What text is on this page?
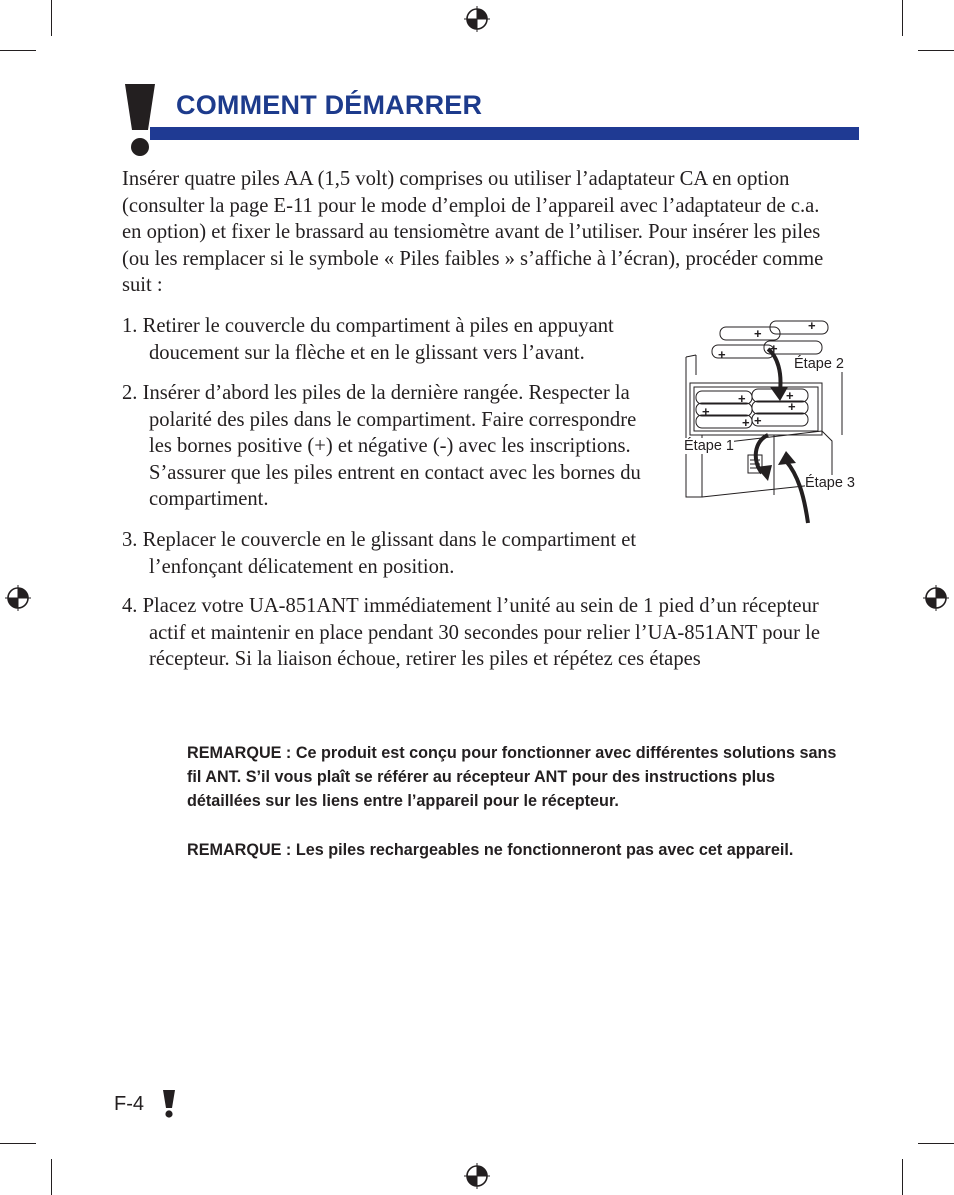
COMMENT DÉMARRER
Insérer quatre piles AA (1,5 volt) comprises ou utiliser l’adaptateur CA en option (consulter la page E-11 pour le mode d’emploi de l’appareil avec l’adaptateur de c.a. en option) et fixer le brassard au tensiomètre avant de l’utiliser. Pour insérer les piles (ou les remplacer si le symbole « Piles faibles » s’affiche à l’écran), procéder comme suit :
1. Retirer le couvercle du compartiment à piles en appuyant doucement sur la flèche et en le glissant vers l’avant.
2. Insérer d’abord les piles de la dernière rangée. Respecter la polarité des piles dans le compartiment. Faire correspondre les bornes positive (+) et négative (-) avec les inscriptions. S’assurer que les piles entrent en contact avec les bornes du compartiment.
3. Replacer le couvercle en le glissant dans le compartiment et l’enfonçant délicatement en position.
4. Placez votre UA-851ANT immédiatement l’unité au sein de 1 pied d’un récepteur actif et maintenir en place pendant 30 secondes pour relier l’UA-851ANT pour le récepteur. Si la liaison échoue, retirer les piles et répétez ces étapes
+
+
+	+
+	+
+	+
+ +
Étape 2
Étape 1
Étape 3
REMARQUE : Ce produit est conçu pour fonctionner avec différentes solutions sans fil ANT. S’il vous plaît se référer au récepteur ANT pour des instructions plus détaillées sur les liens entre l’appareil pour le récepteur.
REMARQUE : Les piles rechargeables ne fonctionneront pas avec cet appareil.
F-4
